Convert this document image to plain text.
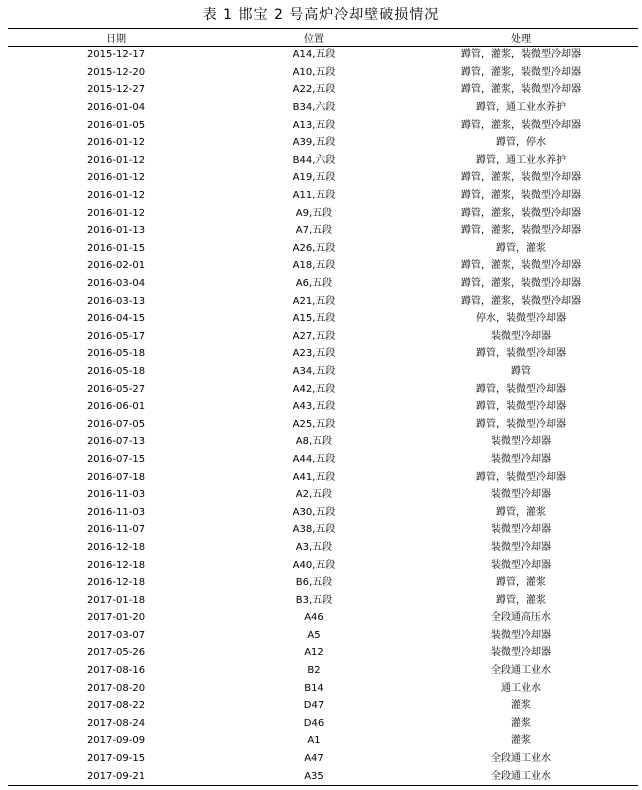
表 1 邯宝 2 号高炉冷却壁破损情况
日期	位置	处理
2015-12-17	A14,五段	蹲管，灌浆，装微型冷却器
2015-12-20	A10,五段	蹲管，灌浆，装微型冷却器
2015-12-27	A22,五段	蹲管，灌浆，装微型冷却器
2016-01-04	B34,六段	蹲管，通工业水养护
2016-01-05	A13,五段	蹲管，灌浆，装微型冷却器
2016-01-12	A39,五段	蹲管，停水
2016-01-12	B44,六段	蹲管，通工业水养护
2016-01-12	A19,五段	蹲管，灌浆，装微型冷却器
2016-01-12	A11,五段	蹲管，灌浆，装微型冷却器
2016-01-12	A9,五段	蹲管，灌浆，装微型冷却器
2016-01-13	A7,五段	蹲管，灌浆，装微型冷却器
2016-01-15	A26,五段	蹲管，灌浆
2016-02-01	A18,五段	蹲管，灌浆，装微型冷却器
2016-03-04	A6,五段	蹲管，灌浆，装微型冷却器
2016-03-13	A21,五段	蹲管，灌浆，装微型冷却器
2016-04-15	A15,五段	停水，装微型冷却器
2016-05-17	A27,五段	装微型冷却器
2016-05-18	A23,五段	蹲管，装微型冷却器
2016-05-18	A34,五段	蹲管
2016-05-27	A42,五段	蹲管，装微型冷却器
2016-06-01	A43,五段	蹲管，装微型冷却器
2016-07-05	A25,五段	蹲管，装微型冷却器
2016-07-13	A8,五段	装微型冷却器
2016-07-15	A44,五段	装微型冷却器
2016-07-18	A41,五段	蹲管，装微型冷却器
2016-11-03	A2,五段	装微型冷却器
2016-11-03	A30,五段	蹲管，灌浆
2016-11-07	A38,五段	装微型冷却器
2016-12-18	A3,五段	装微型冷却器
2016-12-18	A40,五段	装微型冷却器
2016-12-18	B6,五段	蹲管，灌浆
2017-01-18	B3,五段	蹲管，灌浆
2017-01-20	A46	全段通高压水
2017-03-07	A5	装微型冷却器
2017-05-26	A12	装微型冷却器
2017-08-16	B2	全段通工业水
2017-08-20	B14	通工业水
2017-08-22	D47	灌浆
2017-08-24	D46	灌浆
2017-09-09	A1	灌浆
2017-09-15	A47	全段通工业水
2017-09-21	A35	全段通工业水
